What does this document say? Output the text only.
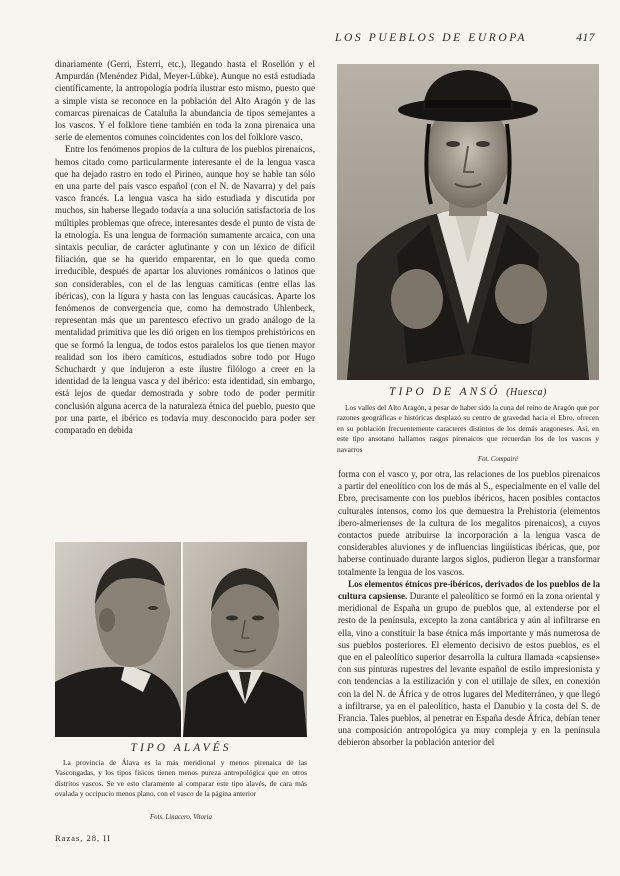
LOS PUEBLOS DE EUROPA	417

dinariamente (Gerri, Esterri, etc.), llegando hasta el Rosellón y el Ampurdán (Menéndez Pidal, Meyer-Lübke). Aunque no está estudiada científicamente, la antropología podría ilustrar esto mismo, puesto que a simple vista se reconoce en la población del Alto Aragón y de las comarcas pirenaicas de Cataluña la abundancia de tipos semejantes a los vascos. Y el folklore tiene también en toda la zona pirenaica una serie de elementos comunes coincidentes con los del folklore vasco.

Entre los fenómenos propios de la cultura de los pueblos pirenaicos, hemos citado como particularmente interesante el de la lengua vasca que ha dejado rastro en todo el Pirineo, aunque hoy se hable tan sólo en una parte del país vasco español (con el N. de Navarra) y del país vasco francés. La lengua vasca ha sido estudiada y discutida por muchos, sin haberse llegado todavía a una solución satisfactoria de los múltiples problemas que ofrece, interesantes desde el punto de vista de la etnología. Es una lengua de formación sumamente arcaica, con una sintaxis peculiar, de carácter aglutinante y con un léxico de difícil filiación, que se ha querido emparentar, en lo que queda como irreducible, después de apartar los aluviones románicos o latinos que son considerables, con el de las lenguas camíticas (entre ellas las ibéricas), con la lígura y hasta con las lenguas caucásicas. Aparte los fenómenos de convergencia que, como ha demostrado Uhlenbeck, representan más que un parentesco efectivo un grado análogo de la mentalidad primitiva que les dió origen en los tiempos prehistóricos en que se formó la lengua, de todos estos paralelos los que tienen mayor realidad son los ibero camíticos, estudiados sobre todo por Hugo Schuchardt y que indujeron a este ilustre filólogo a creer en la identidad de la lengua vasca y del ibérico: esta identidad, sin embargo, está lejos de quedar demostrada y sobre todo de poder permitir conclusión alguna acerca de la naturaleza étnica del pueblo, puesto que por una parte, el ibérico es todavía muy desconocido para poder ser comparado en debida

TIPO DE ANSÓ (Huesca)

Los valles del Alto Aragón, a pesar de haber sido la cuna del reino de Aragón que por razones geográficas e históricas desplazó su centro de gravedad hacia el Ebro, ofrecen en su población frecuentemente caracteres distintos de los demás aragoneses. Así, en este tipo ansotano hallamos rasgos pirenaicos que recuerdan los de los vascos y navarros

Fot. Compairé

forma con el vasco y, por otra, las relaciones de los pueblos pirenaicos a partir del eneolítico con los de más al S., especialmente en el valle del Ebro, precisamente con los pueblos ibéricos, hacen posibles contactos culturales intensos, como los que demuestra la Prehistoria (elementos ibero-almerienses de la cultura de los megalitos pirenaicos), a cuyos contactos puede atribuirse la incorporación a la lengua vasca de considerables aluviones y de influencias lingüísticas ibéricas, que, por haberse continuado durante largos siglos, pudieron llegar a transformar totalmente la lengua de los vascos.

Los elementos étnicos pre-ibéricos, derivados de los pueblos de la cultura capsiense. Durante el paleolítico se formó en la zona oriental y meridional de España un grupo de pueblos que, al extenderse por el resto de la península, excepto la zona cantábrica y aún al infiltrarse en ella, vino a constituir la base étnica más importante y más numerosa de sus pueblos posteriores. El elemento decisivo de estos pueblos, es el que en el paleolítico superior desarrolla la cultura llamada «capsiense» con sus pinturas rupestres del levante español de estilo impresionista y con tendencias a la estilización y con el utillaje de sílex, en conexión con la del N. de África y de otros lugares del Mediterráneo, y que llegó a infiltrarse, ya en el paleolítico, hasta el Danubio y la costa del S. de Francia. Tales pueblos, al penetrar en España desde África, debían tener una composición antropológica ya muy compleja y en la península debieron absorber la población anterior del

TIPO ALAVÉS

La provincia de Álava es la más meridional y menos pirenaica de las Vascongadas, y los tipos físicos tienen menos pureza antropológica que en otros distritos vascos. Se ve esto claramente al comparar este tipo alavés, de cara más ovalada y occipucio menos plano, con el vasco de la página anterior

Fots. Linacero, Vitoria
Razas, 28, II
